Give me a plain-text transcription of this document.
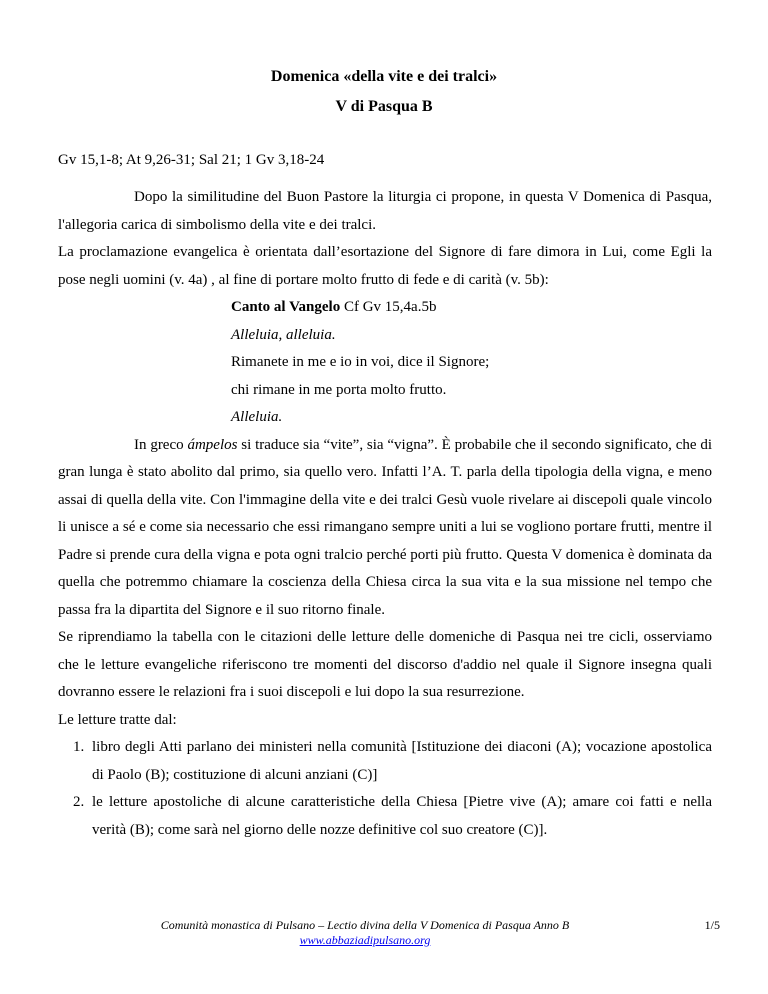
Domenica «della vite e dei tralci»
V di Pasqua B
Gv 15,1-8; At 9,26-31; Sal 21; 1 Gv 3,18-24

Dopo la similitudine del Buon Pastore la liturgia ci propone, in questa V Domenica di Pasqua, l'allegoria carica di simbolismo della vite e dei tralci.

La proclamazione evangelica è orientata dall’esortazione del Signore di fare dimora in Lui, come Egli la pose negli uomini (v. 4a) , al fine di portare molto frutto di fede e di carità (v. 5b):

Canto al Vangelo Cf Gv 15,4a.5b

Alleluia, alleluia.

Rimanete in me e io in voi, dice il Signore;

chi rimane in me porta molto frutto.

Alleluia.

In greco ámpelos si traduce sia “vite”, sia “vigna”. È probabile che il secondo significato, che di gran lunga è stato abolito dal primo, sia quello vero. Infatti l’A. T. parla della tipologia della vigna, e meno assai di quella della vite. Con l'immagine della vite e dei tralci Gesù vuole rivelare ai discepoli quale vincolo li unisce a sé e come sia necessario che essi rimangano sempre uniti a lui se vogliono portare frutti, mentre il Padre si prende cura della vigna e pota ogni tralcio perché porti più frutto. Questa V domenica è dominata da quella che potremmo chiamare la coscienza della Chiesa circa la sua vita e la sua missione nel tempo che passa fra la dipartita del Signore e il suo ritorno finale.

Se riprendiamo la tabella con le citazioni delle letture delle domeniche di Pasqua nei tre cicli, osserviamo che le letture evangeliche riferiscono tre momenti del discorso d'addio nel quale il Signore insegna quali dovranno essere le relazioni fra i suoi discepoli e lui dopo la sua resurrezione.

Le letture tratte dal:

1. libro degli Atti parlano dei ministeri nella comunità [Istituzione dei diaconi (A); vocazione apostolica di Paolo (B); costituzione di alcuni anziani (C)]
2. le letture apostoliche di alcune caratteristiche della Chiesa [Pietre vive (A); amare coi fatti e nella verità (B); come sarà nel giorno delle nozze definitive col suo creatore (C)].
Comunità monastica di Pulsano – Lectio divina della V Domenica di Pasqua Anno B
www.abbaziadipulsano.org
1/5
